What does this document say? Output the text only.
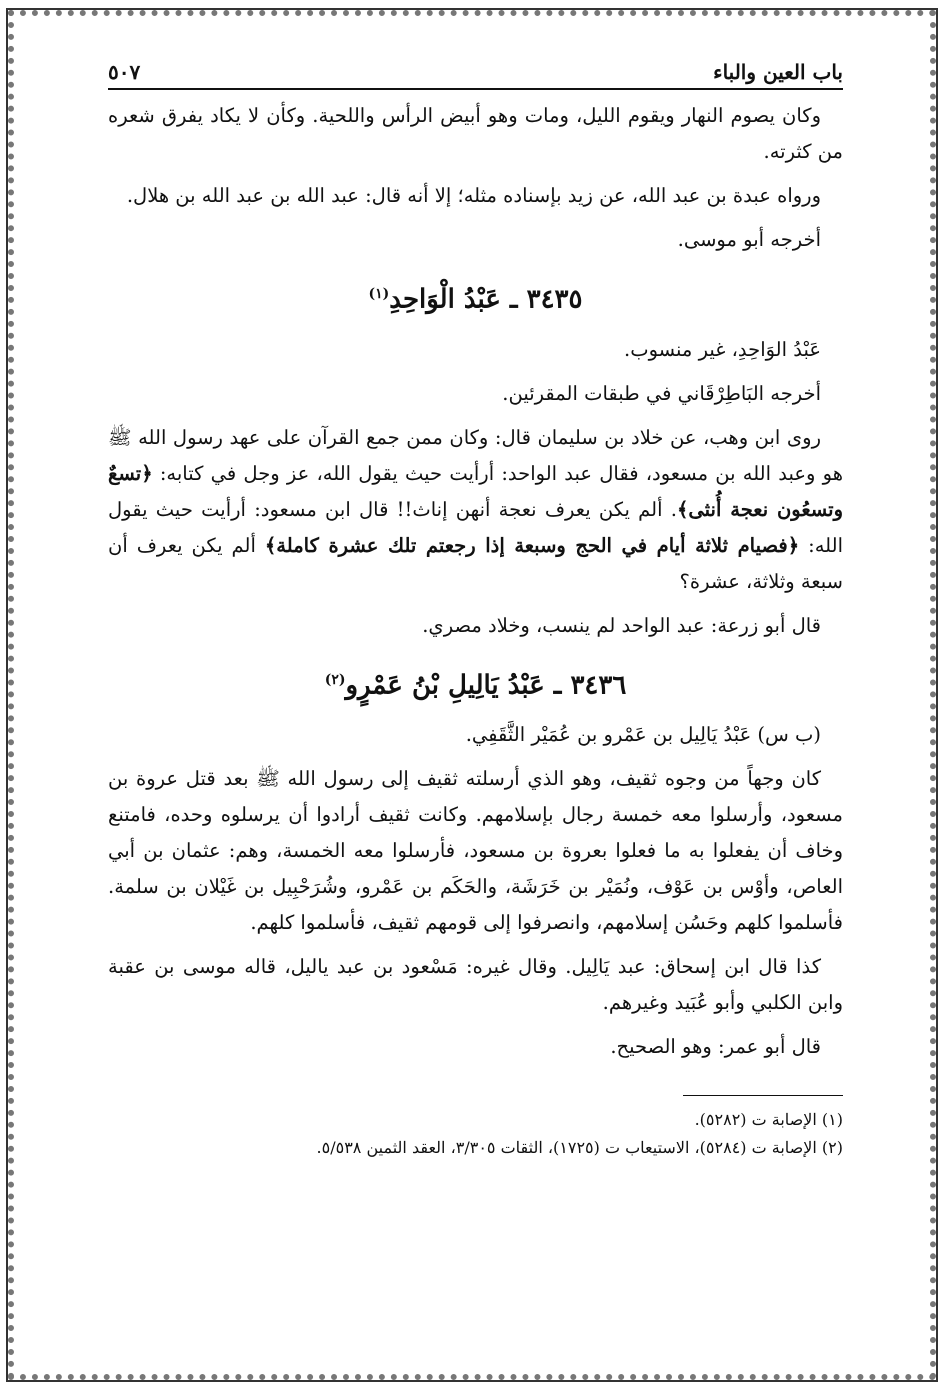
باب العين والباء
٥٠٧

وكان يصوم النهار ويقوم الليل، ومات وهو أبيض الرأس واللحية. وكأن لا يكاد يفرق شعره من كثرته.

ورواه عبدة بن عبد الله، عن زيد بإسناده مثله؛ إلا أنه قال: عبد الله بن عبد الله بن هلال.

أخرجه أبو موسى.

٣٤٣٥ ـ عَبْدُ الْوَاحِدِ$^{(١)}$

عَبْدُ الوَاحِدِ، غير منسوب.

أخرجه البَاطِرْقَاني في طبقات المقرئين.

روى ابن وهب، عن خلاد بن سليمان قال: وكان ممن جمع القرآن على عهد رسول الله ﷺ هو وعبد الله بن مسعود، فقال عبد الواحد: أرأيت حيث يقول الله، عز وجل في كتابه: ﴿تسعٌ وتسعُون نعجة أُنثى﴾. ألم يكن يعرف نعجة أنهن إناث!! قال ابن مسعود: أرأيت حيث يقول الله: ﴿فصيام ثلاثة أيام في الحج وسبعة إذا رجعتم تلك عشرة كاملة﴾ ألم يكن يعرف أن سبعة وثلاثة، عشرة؟

قال أبو زرعة: عبد الواحد لم ينسب، وخلاد مصري.

٣٤٣٦ ـ عَبْدُ يَالِيلِ بْنُ عَمْرٍو$^{(٢)}$

(ب س) عَبْدُ يَالِيل بن عَمْرو بن عُمَيْر الثَّقَفِي.

كان وجهاً من وجوه ثقيف، وهو الذي أرسلته ثقيف إلى رسول الله ﷺ بعد قتل عروة بن مسعود، وأرسلوا معه خمسة رجال بإسلامهم. وكانت ثقيف أرادوا أن يرسلوه وحده، فامتنع وخاف أن يفعلوا به ما فعلوا بعروة بن مسعود، فأرسلوا معه الخمسة، وهم: عثمان بن أبي العاص، وأوْس بن عَوْف، ونُمَيْر بن خَرَشَة، والحَكَم بن عَمْرو، وشُرَحْبِيل بن غَيْلان بن سلمة. فأسلموا كلهم وحَسُن إسلامهم، وانصرفوا إلى قومهم ثقيف، فأسلموا كلهم.

كذا قال ابن إسحاق: عبد يَالِيل. وقال غيره: مَسْعود بن عبد ياليل، قاله موسى بن عقبة وابن الكلبي وأبو عُبَيد وغيرهم.

قال أبو عمر: وهو الصحيح.

(١) الإصابة ت (٥٢٨٢).

(٢) الإصابة ت (٥٢٨٤)، الاستيعاب ت (١٧٢٥)، الثقات ٣/٣٠٥، العقد الثمين ٥/٥٣٨.
